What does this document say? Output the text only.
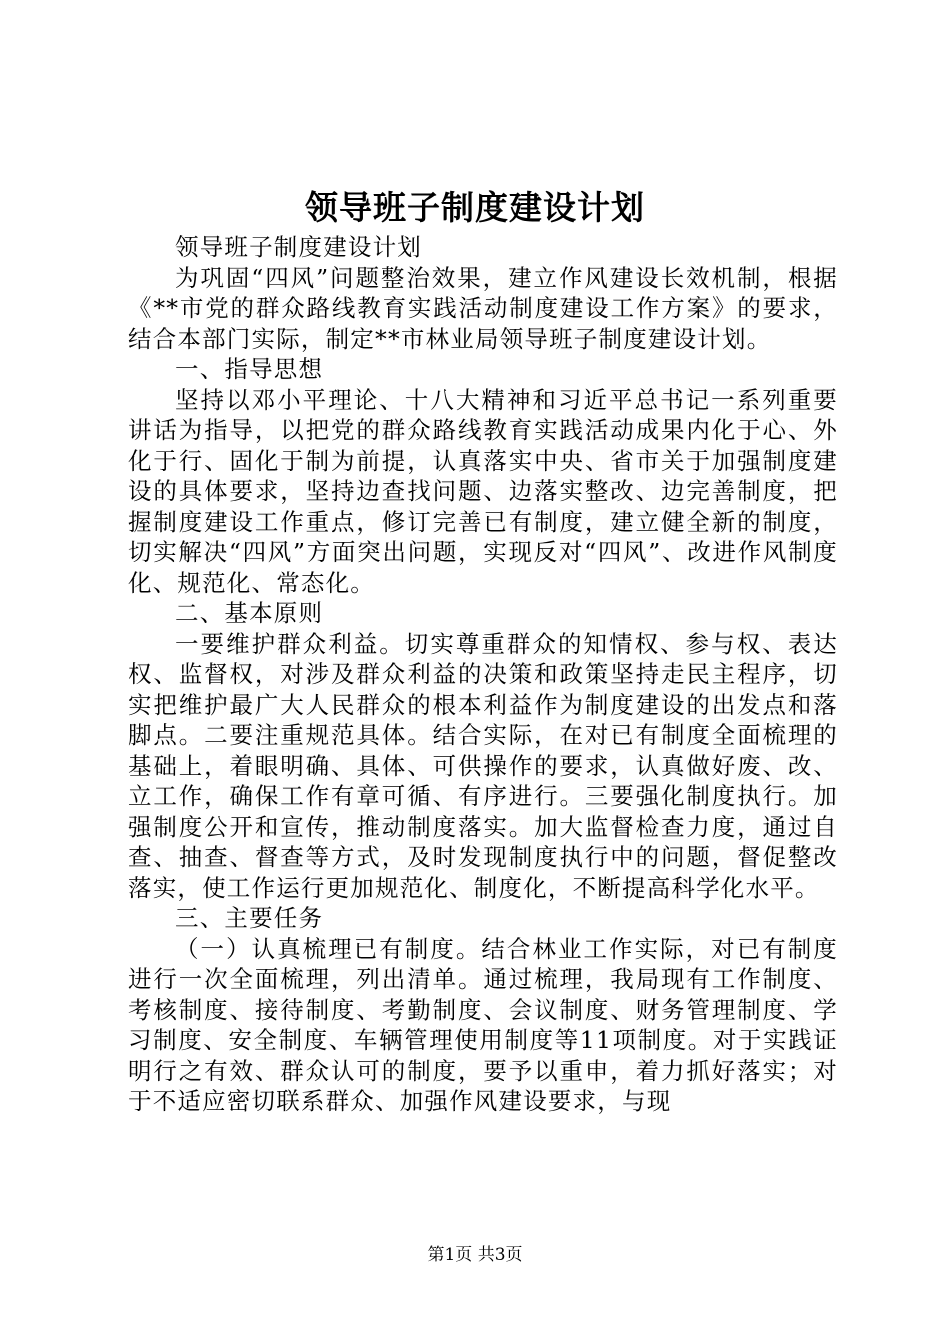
领导班子制度建设计划

领导班子制度建设计划

为巩固“四风”问题整治效果，建立作风建设长效机制，根据《**市党的群众路线教育实践活动制度建设工作方案》的要求，结合本部门实际，制定**市林业局领导班子制度建设计划。

一、指导思想

坚持以邓小平理论、十八大精神和习近平总书记一系列重要讲话为指导，以把党的群众路线教育实践活动成果内化于心、外化于行、固化于制为前提，认真落实中央、省市关于加强制度建设的具体要求，坚持边查找问题、边落实整改、边完善制度，把握制度建设工作重点，修订完善已有制度，建立健全新的制度，切实解决“四风”方面突出问题，实现反对“四风”、改进作风制度化、规范化、常态化。

二、基本原则

一要维护群众利益。切实尊重群众的知情权、参与权、表达权、监督权，对涉及群众利益的决策和政策坚持走民主程序，切实把维护最广大人民群众的根本利益作为制度建设的出发点和落脚点。二要注重规范具体。结合实际，在对已有制度全面梳理的基础上，着眼明确、具体、可供操作的要求，认真做好废、改、立工作，确保工作有章可循、有序进行。三要强化制度执行。加强制度公开和宣传，推动制度落实。加大监督检查力度，通过自查、抽查、督查等方式，及时发现制度执行中的问题，督促整改落实，使工作运行更加规范化、制度化，不断提高科学化水平。

三、主要任务

（一）认真梳理已有制度。结合林业工作实际，对已有制度进行一次全面梳理，列出清单。通过梳理，我局现有工作制度、考核制度、接待制度、考勤制度、会议制度、财务管理制度、学习制度、安全制度、车辆管理使用制度等11项制度。对于实践证明行之有效、群众认可的制度，要予以重申，着力抓好落实；对于不适应密切联系群众、加强作风建设要求，与现

第1页 共3页
